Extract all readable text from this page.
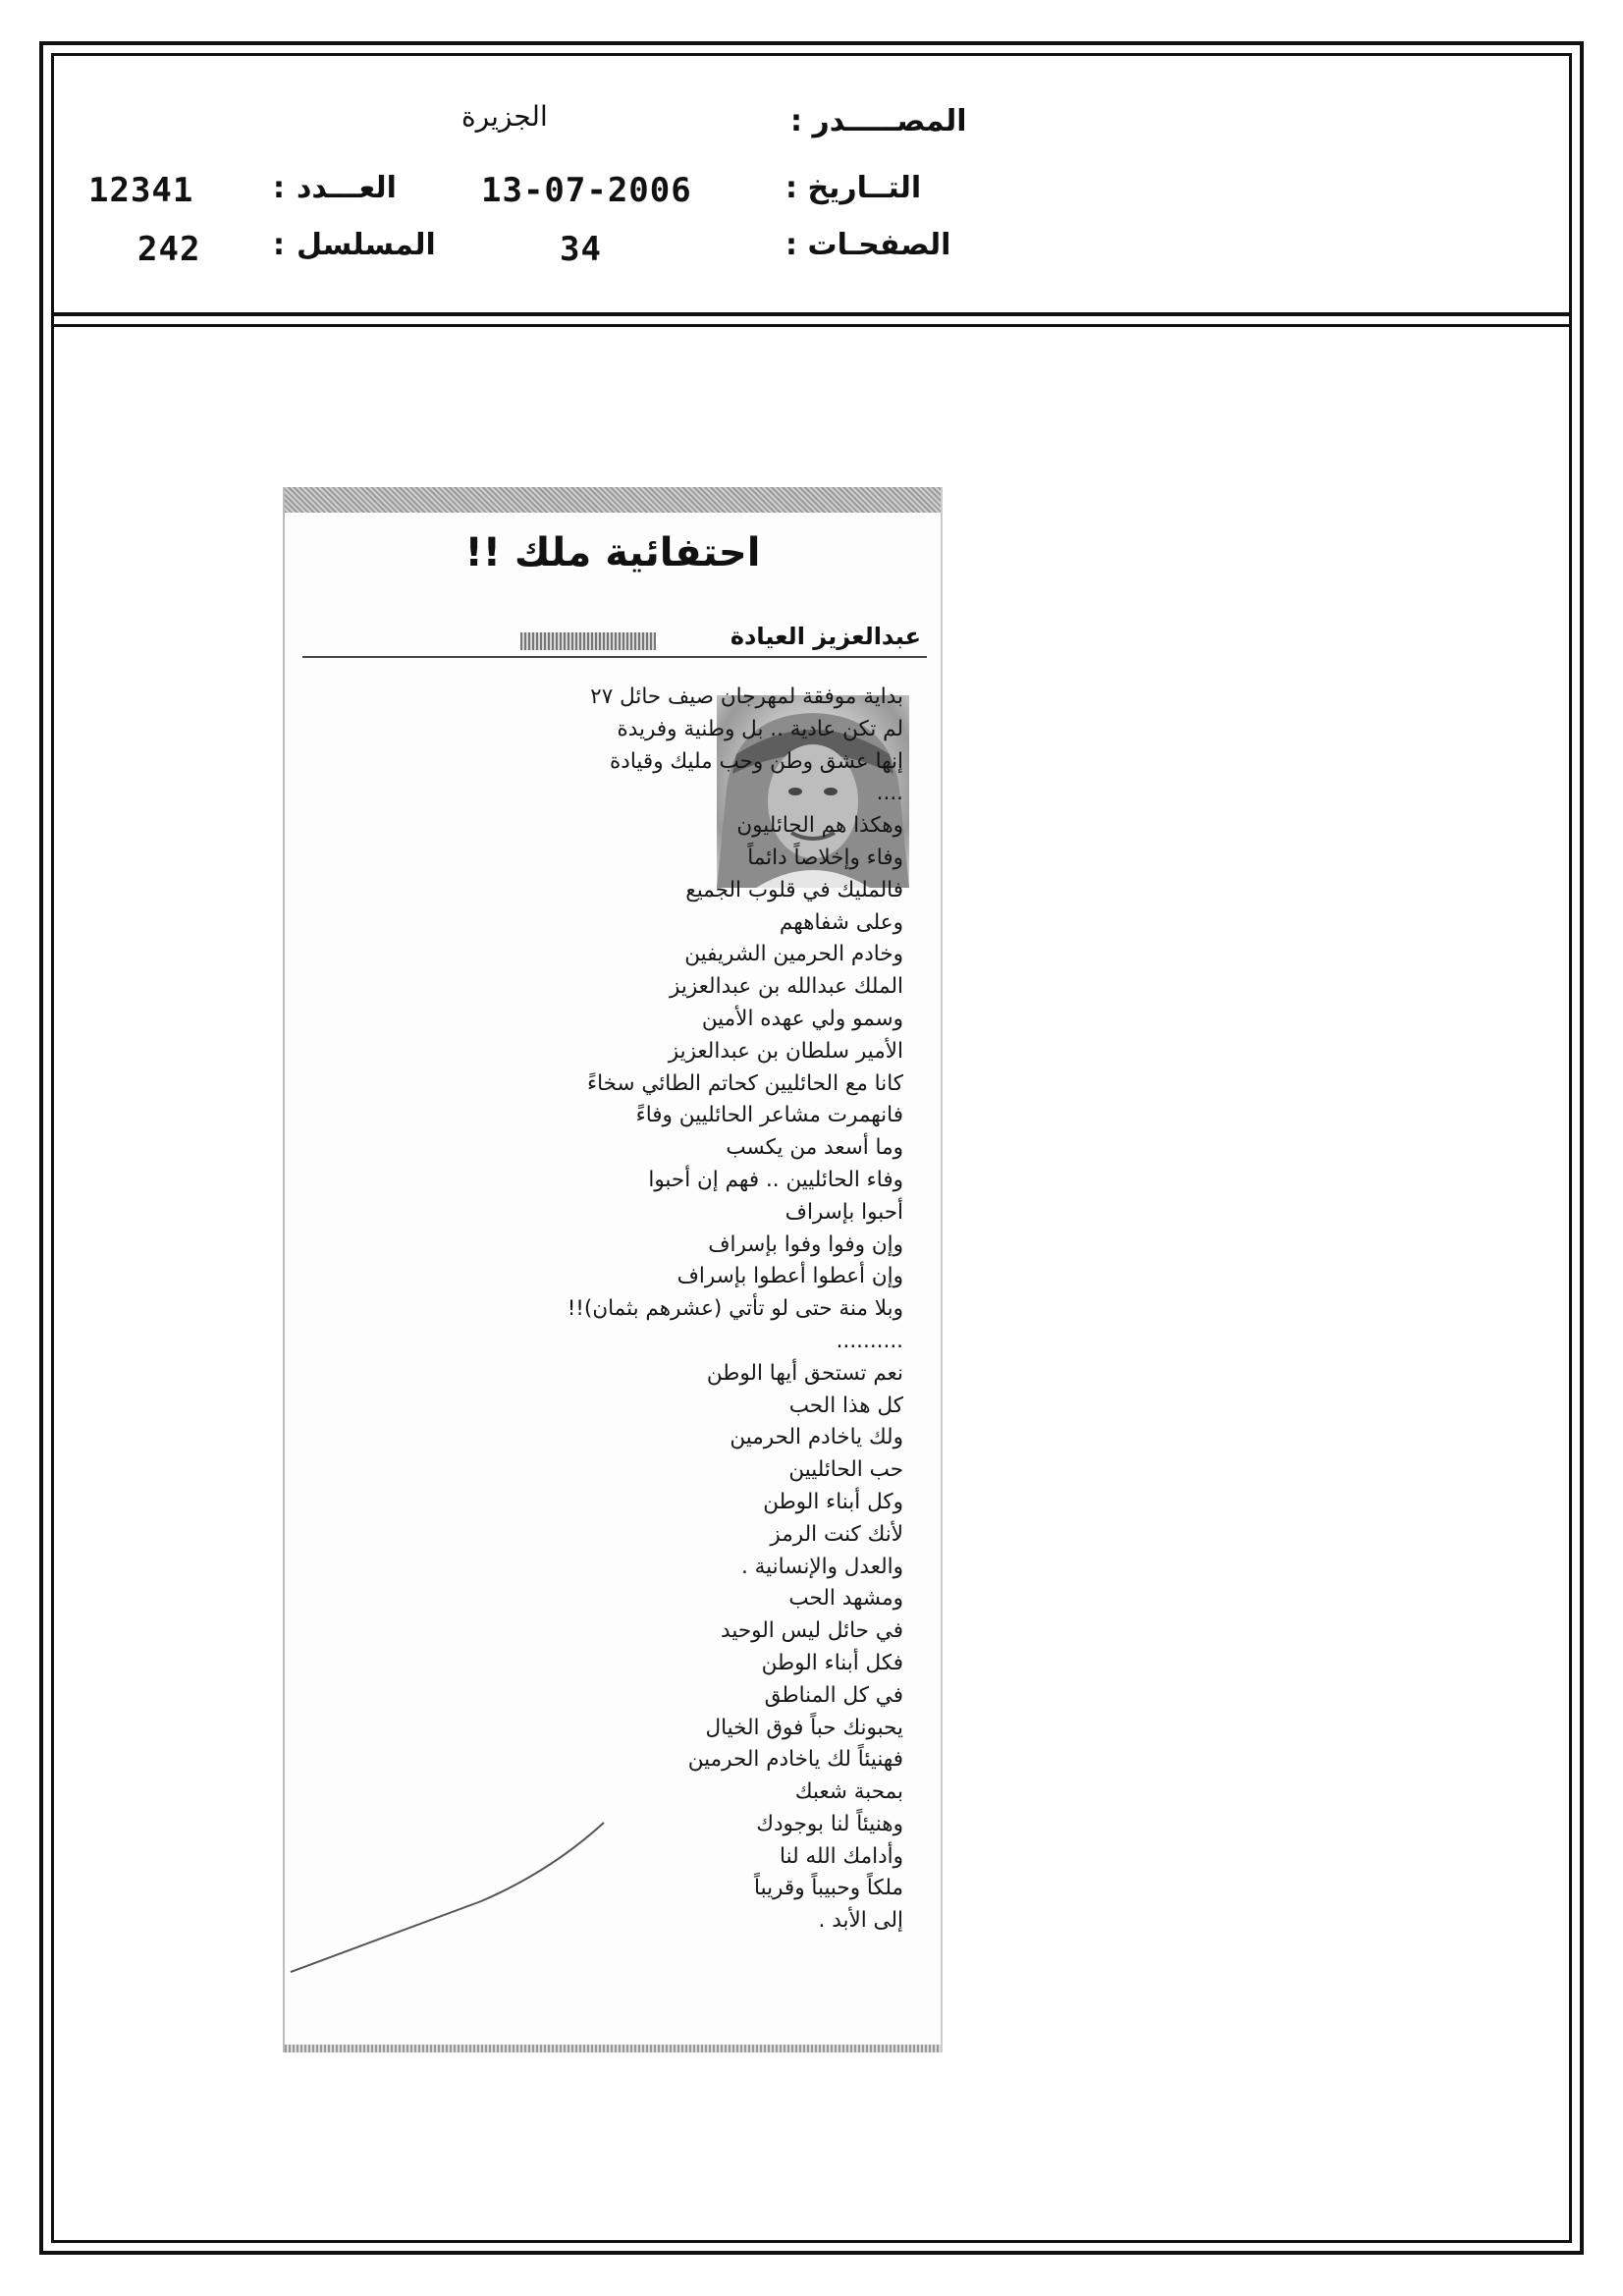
المصـــــدر :
الجزيرة
التــاريخ :
13-07-2006
العـــدد
:
12341
الصفحـات :
34
المسلسل
:
242
احتفائية ملك !!
عبدالعزيز العيادة
بداية موفقة لمهرجان صيف حائل ٢٧
لم تكن عادية .. بل وطنية وفريدة
إنها عشق وطن وحب مليك وقيادة
....
وهكذا هم الحائليون
وفاء وإخلاصاً دائماً
فالمليك في قلوب الجميع
وعلى شفاههم
وخادم الحرمين الشريفين
الملك عبدالله بن عبدالعزيز
وسمو ولي عهده الأمين
الأمير سلطان بن عبدالعزيز
كانا مع الحائليين كحاتم الطائي سخاءً
فانهمرت مشاعر الحائليين وفاءً
وما أسعد من يكسب
وفاء الحائليين .. فهم إن أحبوا
أحبوا بإسراف
وإن وفوا وفوا بإسراف
وإن أعطوا أعطوا بإسراف
وبلا منة حتى لو تأتي (عشرهم بثمان)!!
..........
نعم تستحق أيها الوطن
كل هذا الحب
ولك ياخادم الحرمين
حب الحائليين
وكل أبناء الوطن
لأنك كنت الرمز
والعدل والإنسانية .
ومشهد الحب
في حائل ليس الوحيد
فكل أبناء الوطن
في كل المناطق
يحبونك حباً فوق الخيال
فهنيئاً لك ياخادم الحرمين
بمحبة شعبك
وهنيئاً لنا بوجودك
وأدامك الله لنا
ملكاً وحبيباً وقريباً
إلى الأبد .
